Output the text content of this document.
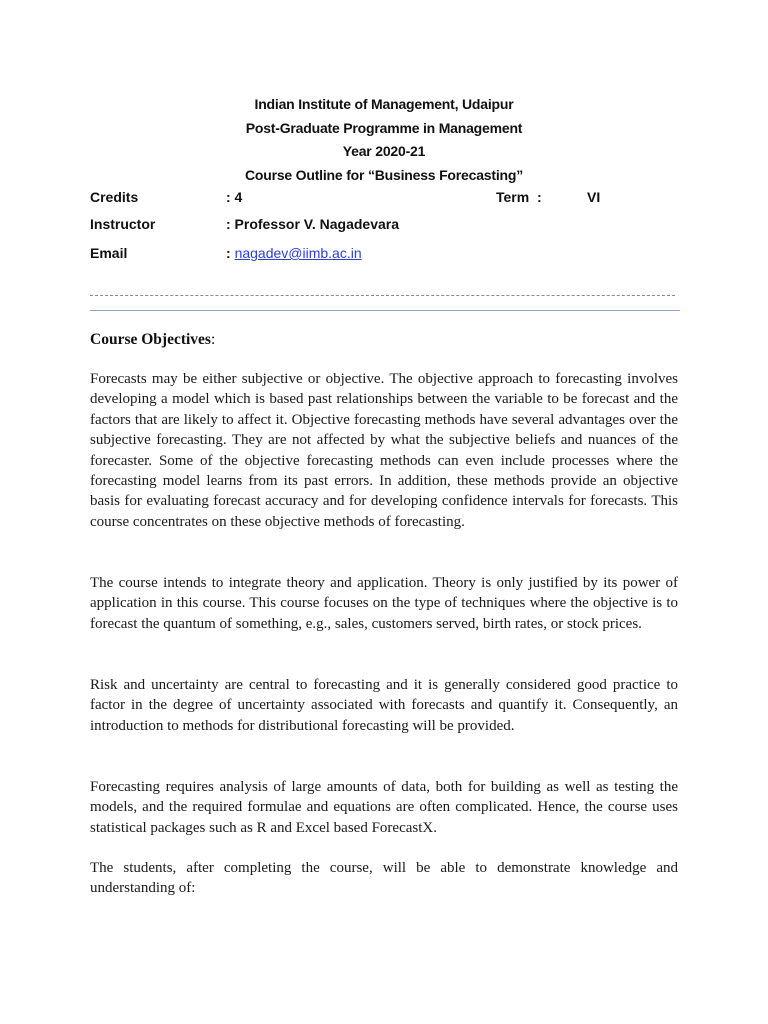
Indian Institute of Management, Udaipur
Post-Graduate Programme in Management
Year 2020-21
Course Outline for “Business Forecasting”
Credits	: 4	Term  :	VI
Instructor	: Professor V. Nagadevara
Email	: nagadev@iimb.ac.in
Course Objectives:

Forecasts may be either subjective or objective. The objective approach to forecasting involves developing a model which is based past relationships between the variable to be forecast and the factors that are likely to affect it. Objective forecasting methods have several advantages over the subjective forecasting. They are not affected by what the subjective beliefs and nuances of the forecaster. Some of the objective forecasting methods can even include processes where the forecasting model learns from its past errors. In addition, these methods provide an objective basis for evaluating forecast accuracy and for developing confidence intervals for forecasts. This course concentrates on these objective methods of forecasting.

The course intends to integrate theory and application. Theory is only justified by its power of application in this course. This course focuses on the type of techniques where the objective is to forecast the quantum of something, e.g., sales, customers served, birth rates, or stock prices.

Risk and uncertainty are central to forecasting and it is generally considered good practice to factor in the degree of uncertainty associated with forecasts and quantify it. Consequently, an introduction to methods for distributional forecasting will be provided.

Forecasting requires analysis of large amounts of data, both for building as well as testing the models, and the required formulae and equations are often complicated. Hence, the course uses statistical packages such as R and Excel based ForecastX.

The students, after completing the course, will be able to demonstrate knowledge and understanding of:
